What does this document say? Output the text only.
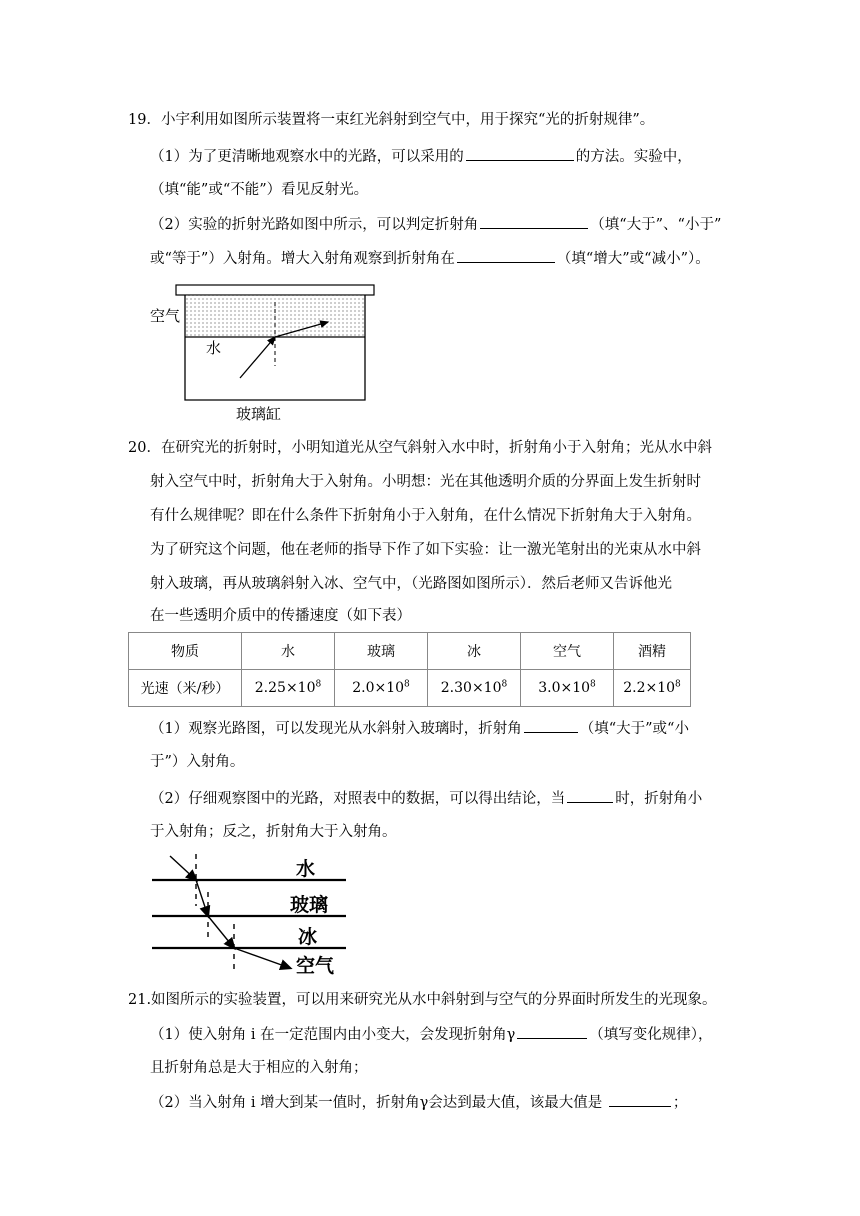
19．小宇利用如图所示装置将一束红光斜射到空气中，用于探究“光的折射规律”。
（1）为了更清晰地观察水中的光路，可以采用的	的方法。实验中，
（填“能”或“不能”）看见反射光。
（2）实验的折射光路如图中所示，可以判定折射角	（填“大于”、“小于”
或“等于”）入射角。增大入射角观察到折射角在	（填“增大”或“减小”）。
空气
水
玻璃缸
20．在研究光的折射时，小明知道光从空气斜射入水中时，折射角小于入射角；光从水中斜
射入空气中时，折射角大于入射角。小明想：光在其他透明介质的分界面上发生折射时
有什么规律呢？即在什么条件下折射角小于入射角，在什么情况下折射角大于入射角。
为了研究这个问题，他在老师的指导下作了如下实验：让一激光笔射出的光束从水中斜
射入玻璃，再从玻璃斜射入冰、空气中，（光路图如图所示）．然后老师又告诉他光
在一些透明介质中的传播速度（如下表）
物质	水	玻璃	冰	空气	酒精
光速（米/秒）	$2.25\times 10^8$	$2.0\times 10^8$	$2.30\times 10^8$	$3.0\times 10^8$	$2.2\times 10^8$
（1）观察光路图，可以发现光从水斜射入玻璃时，折射角	（填“大于”或“小
于”）入射角。
（2）仔细观察图中的光路，对照表中的数据，可以得出结论，当	时，折射角小
于入射角；反之，折射角大于入射角。
水
玻璃
冰
空气
21.如图所示的实验装置，可以用来研究光从水中斜射到与空气的分界面时所发生的光现象。
（1）使入射角 i 在一定范围内由小变大，会发现折射角γ	（填写变化规律），
且折射角总是大于相应的入射角；
（2）当入射角 i 增大到某一值时，折射角γ会达到最大值，该最大值是	；
